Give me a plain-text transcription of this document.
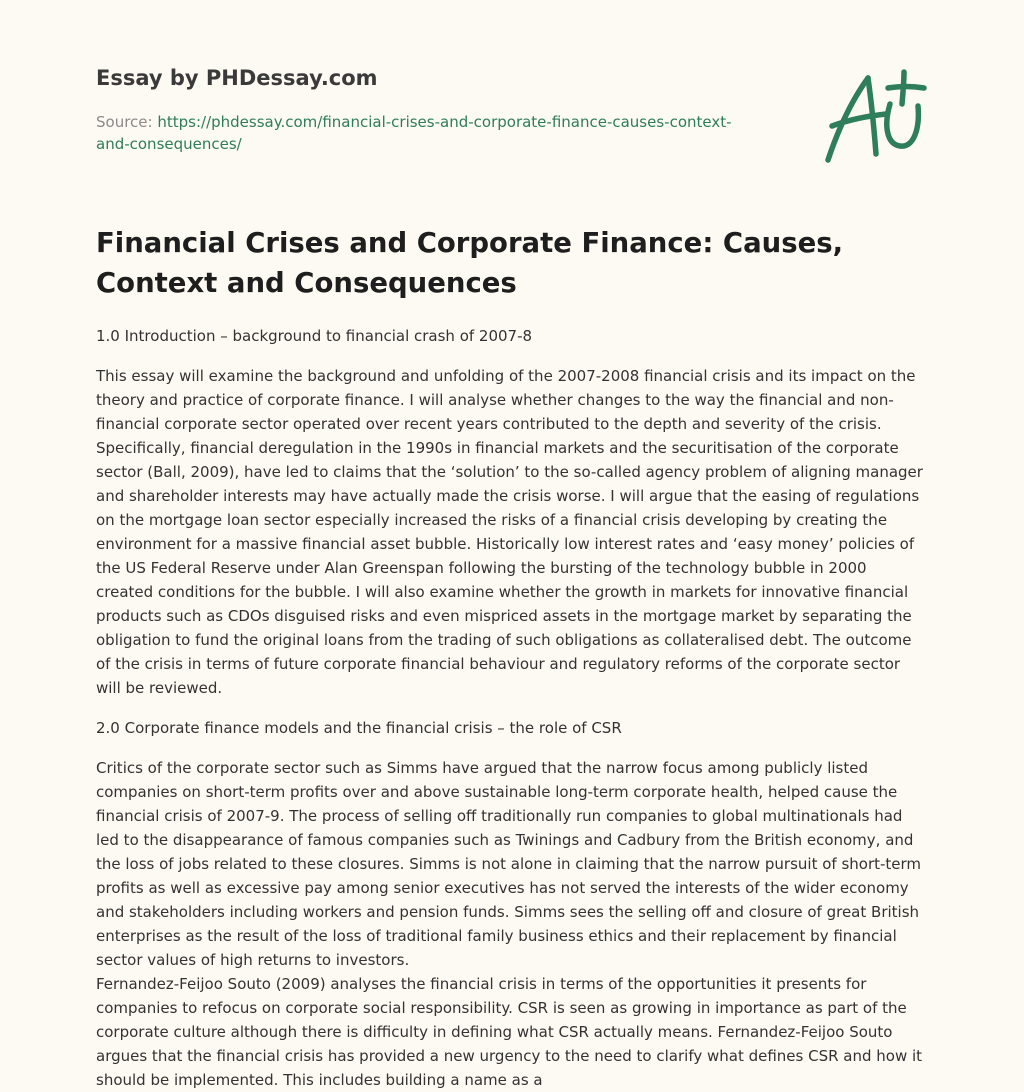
Essay by PHDessay.com
Source: https://phdessay.com/financial-crises-and-corporate-finance-causes-context-and-consequences/
Financial Crises and Corporate Finance: Causes, Context and Consequences

1.0 Introduction – background to financial crash of 2007-8

This essay will examine the background and unfolding of the 2007-2008 financial crisis and its impact on the theory and practice of corporate finance. I will analyse whether changes to the way the financial and non-financial corporate sector operated over recent years contributed to the depth and severity of the crisis. Specifically, financial deregulation in the 1990s in financial markets and the securitisation of the corporate sector (Ball, 2009), have led to claims that the ‘solution’ to the so-called agency problem of aligning manager and shareholder interests may have actually made the crisis worse. I will argue that the easing of regulations on the mortgage loan sector especially increased the risks of a financial crisis developing by creating the environment for a massive financial asset bubble. Historically low interest rates and ‘easy money’ policies of the US Federal Reserve under Alan Greenspan following the bursting of the technology bubble in 2000 created conditions for the bubble. I will also examine whether the growth in markets for innovative financial products such as CDOs disguised risks and even mispriced assets in the mortgage market by separating the obligation to fund the original loans from the trading of such obligations as collateralised debt. The outcome of the crisis in terms of future corporate financial behaviour and regulatory reforms of the corporate sector will be reviewed.

2.0 Corporate finance models and the financial crisis – the role of CSR

Critics of the corporate sector such as Simms have argued that the narrow focus among publicly listed companies on short-term profits over and above sustainable long-term corporate health, helped cause the financial crisis of 2007-9. The process of selling off traditionally run companies to global multinationals had led to the disappearance of famous companies such as Twinings and Cadbury from the British economy, and the loss of jobs related to these closures. Simms is not alone in claiming that the narrow pursuit of short-term profits as well as excessive pay among senior executives has not served the interests of the wider economy and stakeholders including workers and pension funds. Simms sees the selling off and closure of great British enterprises as the result of the loss of traditional family business ethics and their replacement by financial sector values of high returns to investors.

Fernandez-Feijoo Souto (2009) analyses the financial crisis in terms of the opportunities it presents for companies to refocus on corporate social responsibility. CSR is seen as growing in importance as part of the corporate culture although there is difficulty in defining what CSR actually means. Fernandez-Feijoo Souto argues that the financial crisis has provided a new urgency to the need to clarify what defines CSR and how it should be implemented. This includes building a name as a
